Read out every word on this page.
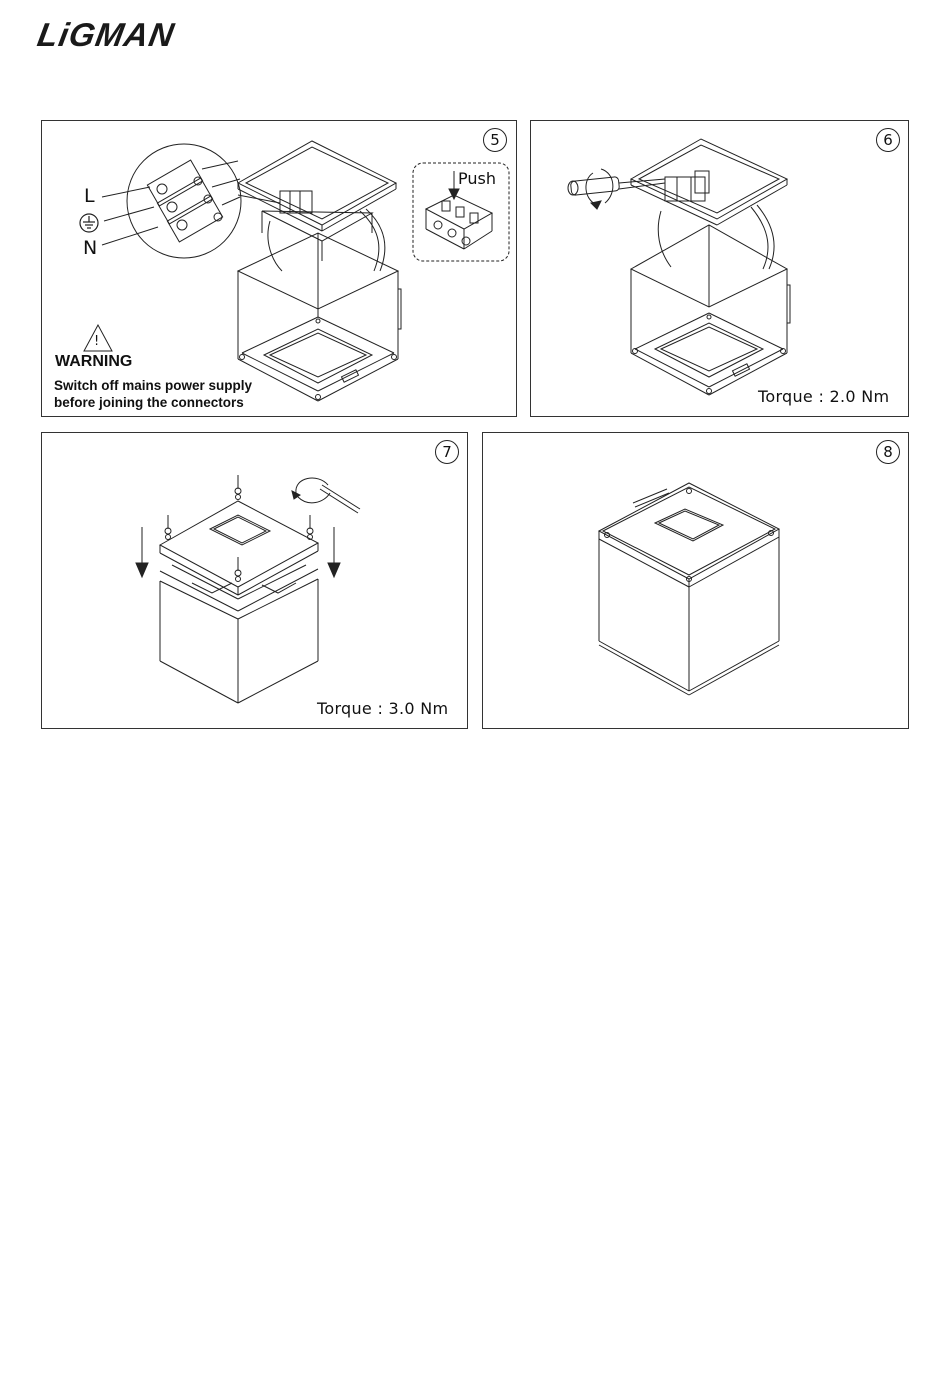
LiGMAN
L
N
Push
5
!
WARNING
Switch off mains power supply
before joining the connectors
6
Torque : 2.0 Nm
7
Torque : 3.0 Nm
8
